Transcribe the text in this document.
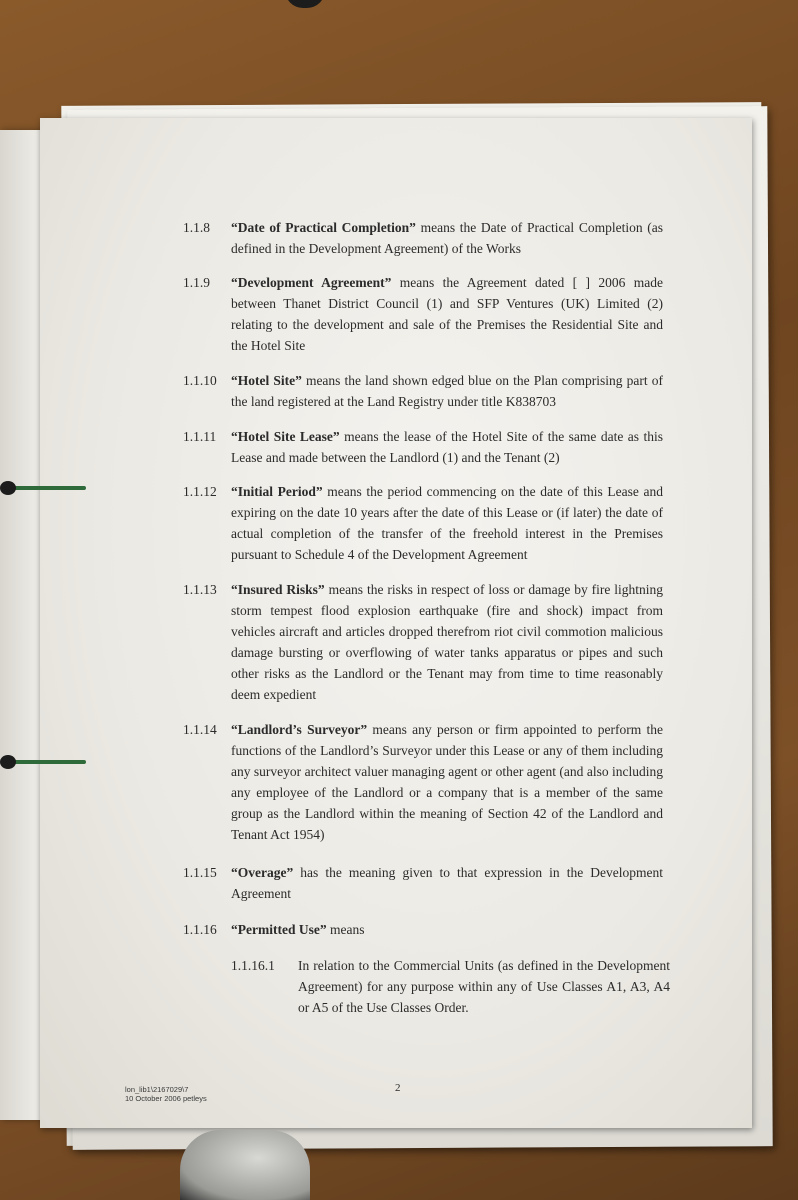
1.1.8	“Date of Practical Completion” means the Date of Practical Completion (as defined in the Development Agreement) of the Works
1.1.9	“Development Agreement” means the Agreement dated [ ] 2006 made between Thanet District Council (1) and SFP Ventures (UK) Limited (2) relating to the development and sale of the Premises the Residential Site and the Hotel Site
1.1.10	“Hotel Site” means the land shown edged blue on the Plan comprising part of the land registered at the Land Registry under title K838703
1.1.11	“Hotel Site Lease” means the lease of the Hotel Site of the same date as this Lease and made between the Landlord (1) and the Tenant (2)
1.1.12	“Initial Period” means the period commencing on the date of this Lease and expiring on the date 10 years after the date of this Lease or (if later) the date of actual completion of the transfer of the freehold interest in the Premises pursuant to Schedule 4 of the Development Agreement
1.1.13	“Insured Risks” means the risks in respect of loss or damage by fire lightning storm tempest flood explosion earthquake (fire and shock) impact from vehicles aircraft and articles dropped therefrom riot civil commotion malicious damage bursting or overflowing of water tanks apparatus or pipes and such other risks as the Landlord or the Tenant may from time to time reasonably deem expedient
1.1.14	“Landlord’s Surveyor” means any person or firm appointed to perform the functions of the Landlord’s Surveyor under this Lease or any of them including any surveyor architect valuer managing agent or other agent (and also including any employee of the Landlord or a company that is a member of the same group as the Landlord within the meaning of Section 42 of the Landlord and Tenant Act 1954)
1.1.15	“Overage” has the meaning given to that expression in the Development Agreement
1.1.16	“Permitted Use” means
1.1.16.1	In relation to the Commercial Units (as defined in the Development Agreement) for any purpose within any of Use Classes A1, A3, A4 or A5 of the Use Classes Order.
lon_lib1\2167029\7
10 October 2006 petleys
2
